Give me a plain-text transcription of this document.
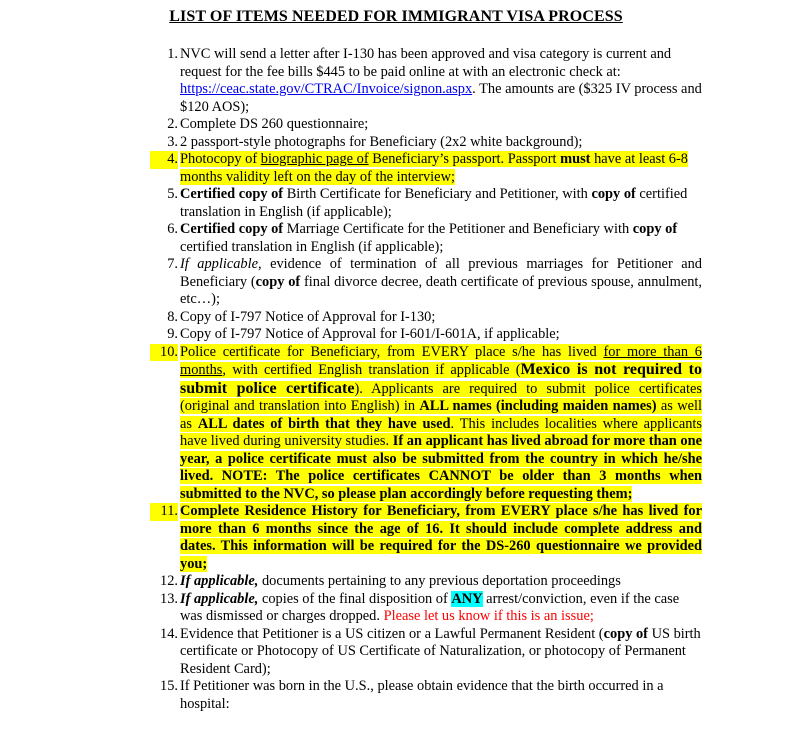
LIST OF ITEMS NEEDED FOR IMMIGRANT VISA PROCESS
1. NVC will send a letter after I-130 has been approved and visa category is current and request for the fee bills $445 to be paid online at with an electronic check at: https://ceac.state.gov/CTRAC/Invoice/signon.aspx. The amounts are ($325 IV process and $120 AOS);
2. Complete DS 260 questionnaire;
3. 2 passport-style photographs for Beneficiary (2x2 white background);
4. Photocopy of biographic page of Beneficiary’s passport. Passport must have at least 6-8 months validity left on the day of the interview;
5. Certified copy of Birth Certificate for Beneficiary and Petitioner, with copy of certified translation in English (if applicable);
6. Certified copy of Marriage Certificate for the Petitioner and Beneficiary with copy of certified translation in English (if applicable);
7. If applicable, evidence of termination of all previous marriages for Petitioner and Beneficiary (copy of final divorce decree, death certificate of previous spouse, annulment, etc…);
8. Copy of I-797 Notice of Approval for I-130;
9. Copy of I-797 Notice of Approval for I-601/I-601A, if applicable;
10. Police certificate for Beneficiary, from EVERY place s/he has lived for more than 6 months, with certified English translation if applicable (Mexico is not required to submit police certificate). Applicants are required to submit police certificates (original and translation into English) in ALL names (including maiden names) as well as ALL dates of birth that they have used. This includes localities where applicants have lived during university studies. If an applicant has lived abroad for more than one year, a police certificate must also be submitted from the country in which he/she lived. NOTE: The police certificates CANNOT be older than 3 months when submitted to the NVC, so please plan accordingly before requesting them;
11. Complete Residence History for Beneficiary, from EVERY place s/he has lived for more than 6 months since the age of 16. It should include complete address and dates. This information will be required for the DS-260 questionnaire we provided you;
12. If applicable, documents pertaining to any previous deportation proceedings
13. If applicable, copies of the final disposition of ANY arrest/conviction, even if the case was dismissed or charges dropped. Please let us know if this is an issue;
14. Evidence that Petitioner is a US citizen or a Lawful Permanent Resident (copy of US birth certificate or Photocopy of US Certificate of Naturalization, or photocopy of Permanent Resident Card);
15. If Petitioner was born in the U.S., please obtain evidence that the birth occurred in a hospital:
